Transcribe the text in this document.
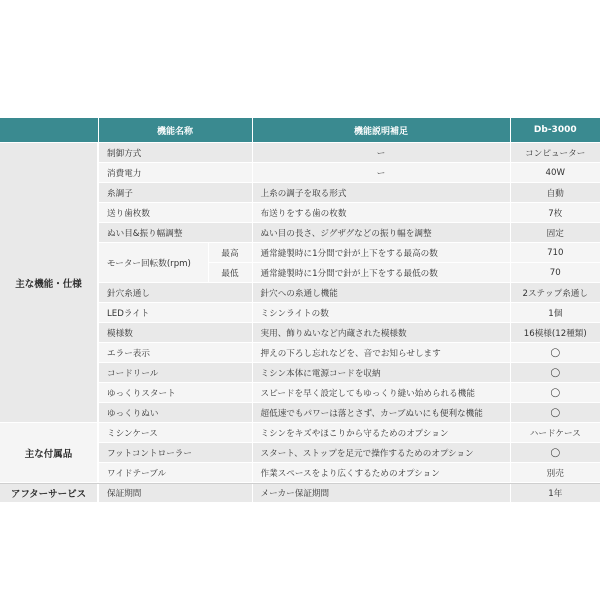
	機能名称		機能説明補足	Db-3000
主な機能・仕様	制御方式		ー	コンピューター
	消費電力		ー	40W
	糸調子		上糸の調子を取る形式	自動
	送り歯枚数		布送りをする歯の枚数	7枚
	ぬい目&振り幅調整		ぬい目の長さ、ジグザグなどの振り幅を調整	固定
	モーター回転数(rpm)	最高	通常縫製時に1分間で針が上下をする最高の数	710
		最低	通常縫製時に1分間で針が上下をする最低の数	70
	針穴糸通し		針穴への糸通し機能	2ステップ糸通し
	LEDライト		ミシンライトの数	1個
	模様数		実用、飾りぬいなど内蔵された模様数	16模様(12種類)
	エラー表示		押えの下ろし忘れなどを、音でお知らせします	◯
	コードリール		ミシン本体に電源コードを収納	◯
	ゆっくりスタート		スピードを早く設定してもゆっくり縫い始められる機能	◯
	ゆっくりぬい		超低速でもパワーは落とさず、カーブぬいにも便利な機能	◯
主な付属品	ミシンケース		ミシンをキズやほこりから守るためのオプション	ハードケース
	フットコントローラー		スタート、ストップを足元で操作するためのオプション	◯
	ワイドテーブル		作業スペースをより広くするためのオプション	別売
アフターサービス	保証期間		メーカー保証期間	1年
